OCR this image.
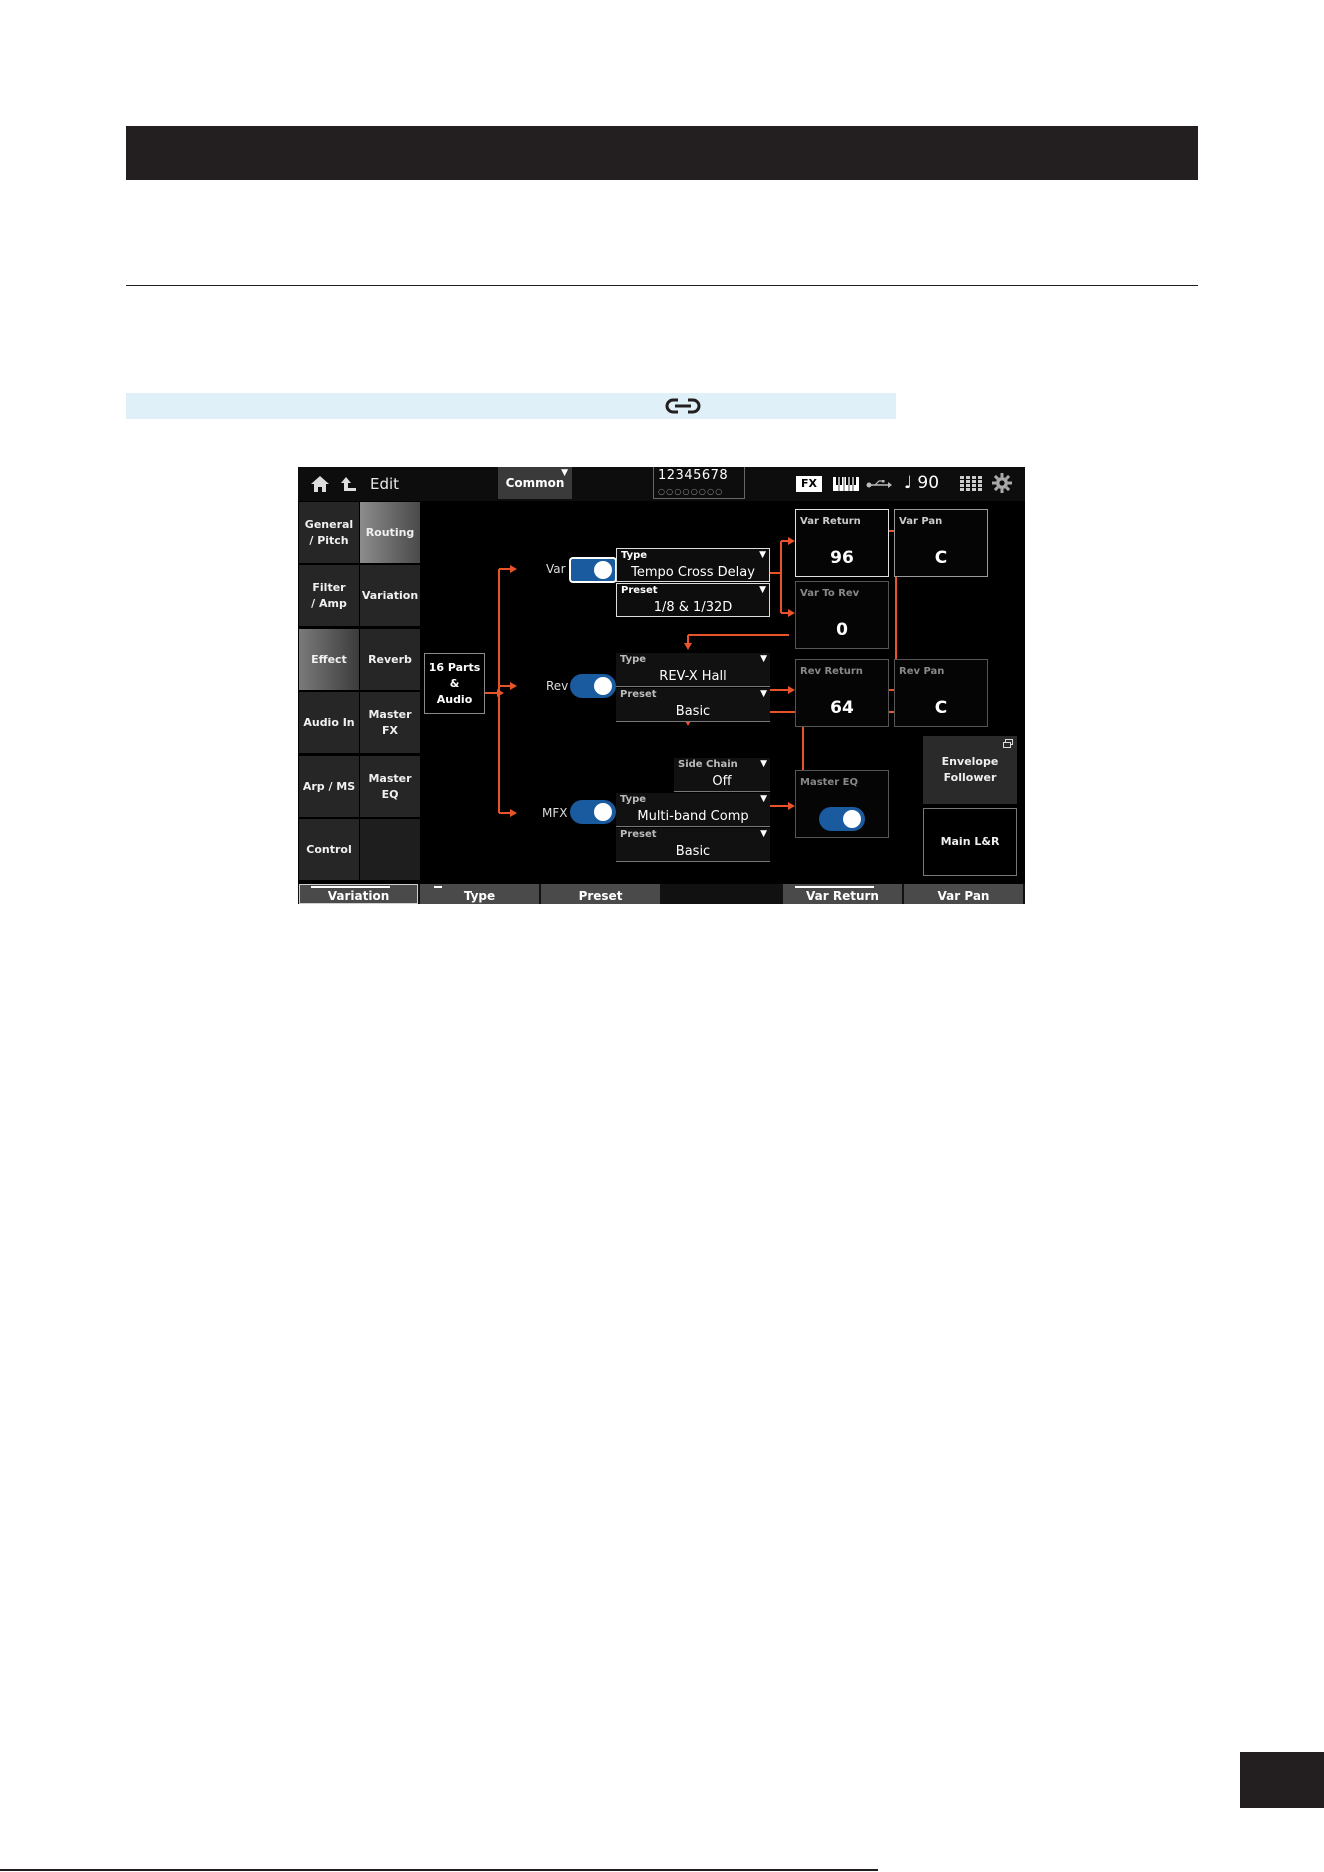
Edit	Common
▼	12345678
○○○○○○○○
FX	♩ 90
General
/ Pitch
Filter
/ Amp
Effect
Audio In
Arp / MS
Control
Routing
Variation
Reverb
Master
FX
Master
EQ
16 Parts
&
Audio
Var
Rev
MFX
Type	▼
Tempo Cross Delay
Preset	▼
1/8 & 1/32D
Type	▼
REV-X Hall
Preset	▼
Basic
Side Chain ▼
Off
Type	▼
Multi-band Comp
Preset	▼
Basic
Var Return
96
Var Pan
C
Var To Rev
0
Rev Return
64
Rev Pan
C
Master EQ
Envelope
Follower
Main L&R
Variation	Type	Preset	Var Return	Var Pan
